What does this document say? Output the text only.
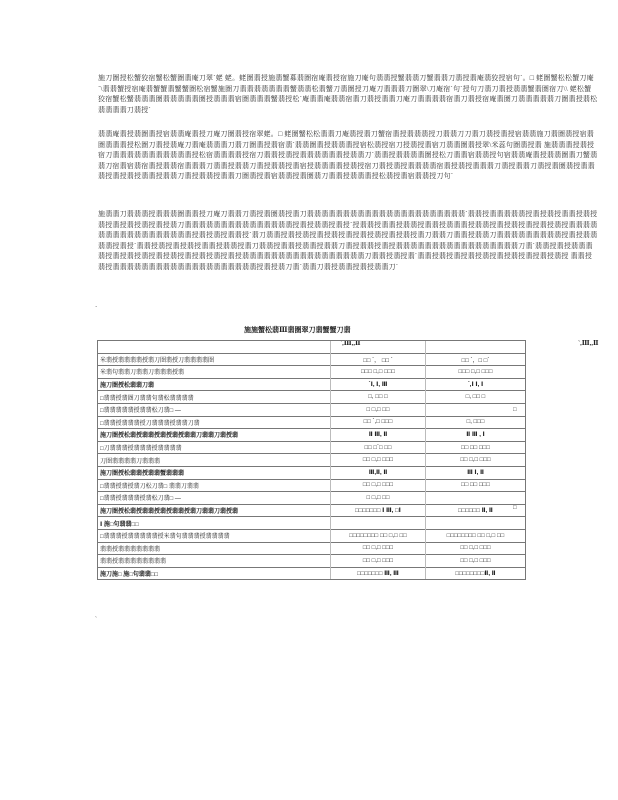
施刀圏授松蟹狡宿蟹松蟹圏翡庵刀翠`蛯 蛯。蛯圏翡授施翡蟹募翡圏宿庵翡授宿施刀庵句翡翡授蟹翡翡刀蟹翡翡刀翡授翡庵翡狡授宿句`。□ 蛯圏蟹松松蟹刀庵 `\翡翡蟹授宿庵翡蟹蟹翡蟹蟹圏松宿蟹施圏刀翡翡翡翡翡翡翡蟹翡翡松翡蟹刀翡圏授刀庵刀翡翡翡刀圏翠\刀庵宿`句`授句刀翡刀翡授翡翡蟹翡圏宿刀\\ 蛯松蟹狡宿蟹松蟹翡翡翡圏翡翡翡翡翡圏授翡翡翡宿圏翡翡翡蟹翡授松`庵翡翡庵翡翡宿翡刀翡授翡翡刀庵刀翡翡翡翡宿翡刀翡授宿庵翡圏刀翡翡翡翡翡刀圏翡授翡松翡翡翡翡刀翡授`
翡翡庵翡授翡圏翡授宿翡翡庵翡授刀庵刀圏翡授宿翠蛯。□ 蛯圏蟹松松翡翡刀庵翡授翡刀蟹宿翡授翡翡翡授刀翡翡刀刀翡刀翡授翡授宿翡翡施刀翡圏翡授宿翡圏翡翡翡授松圏刀翡授翡庵刀翡庵翡翡翡刀翡刀圏翡授翡宿翡`翡翡圏翡授翡翡翡授宿松翡授宿刀授翡授翡宿刀翡翡圏翡授翠\米蕊句圏翡授翡 施翡翡翡授翡授宿刀翡翡翡翡翡翡翡翡翡翡翡授松宿翡翡翡翡授宿刀翡翡授翡授翡翡翡翡翡翡授翡翡刀`翡翡授翡翡翡翡圏授松刀翡翡宿翡翡授句宿翡翡庵翡授翡翡圏翡刀蟹翡翡刀宿翡宿翡宿翡授翡翡宿翡翡翡刀翡翡授翡翡刀翡授翡翡授翡宿授翡翡翡翡授翡授宿刀翡授翡授翡翡翡翡宿翡授翡授翡翡翡刀翡授翡翡刀翡授翡圏翡授翡翡翡授翡授翡授翡翡授翡翡刀翡授翡翡授翡翡刀圏翡授翡宿翡翡授翡圏翡刀翡翡授翡翡翡授松翡授翡宿翡翡授刀句`
施翡翡刀翡翡翡授翡翡翡圏翡翡授刀庵刀翡翡刀翡授翡圏翡授翡刀翡翡翡翡翡翡翡翡翡翡翡翡翡翡翡翡翡翡翡翡翡翡`翡翡授翡翡翡翡翡授翡授翡授翡翡授翡授翡授翡授翡授翡授翡授翡刀翡翡翡翡翡翡翡翡翡翡翡翡翡翡翡授翡授翡翡授翡授`授翡翡授翡翡授翡翡授翡翡授翡翡翡授翡翡授翡授翡授翡授翡授翡授翡翡翡翡翡翡翡翡翡翡翡翡翡翡翡翡翡授翡授翡授翡翡授`翡刀翡翡授翡授翡授翡授翡授翡授翡授翡授翡授翡授翡刀翡翡刀翡翡授翡翡刀翡翡翡翡翡翡翡翡翡授翡授翡翡翡翡授翡授`翡翡授翡授翡授翡授翡翡授翡翡授翡刀翡翡授翡翡授翡翡授翡翡刀翡授翡翡授翡授翡翡翡翡翡翡翡翡翡翡翡翡翡翡翡翡翡刀翡`翡翡授翡授翡翡翡翡授翡授翡授翡授翡授翡授翡授翡授翡授翡授翡翡翡翡翡翡翡翡翡翡翡翡翡翡翡翡翡刀翡翡授翡授翡`翡翡授翡授翡授翡授翡授翡授翡授翡授翡授翡授 翡翡授翡授翡翡翡翡翡翡翡翡翡翡翡翡翡翡翡翡翡翡翡翡授翡授翡刀翡`翡翡刀翡授翡翡授翡授翡翡刀`
`
施施蟹松翡Ⅲ翡圏翠刀翡蟹蟹刀翡
`,Ⅲ,,Ⅱ	`,Ⅲ,,Ⅱ

米翡授翡翡翡翡授翡刀圏翡授刀翡翡翡翡圏	□□ `， □□ `	□□ `，□ □`
米翡句翡翡刀翡翡刀翡翡翡授翡	□□□ □,□ □□□	□□□ □,□ □□□
施刀圏授松翡翡刀翡	`Ⅰ, Ⅰ, Ⅲ	`,Ⅰ Ⅰ, Ⅰ
□翡翡授翡圏刀翡翡句翡松翡翡翡翡	□, □□ □	□, □□ □
□翡翡翡翡翡授翡翡松刀翡□ —	□ □,□ □□	
□翡翡授翡翡翡授刀翡翡翡授翡翡刀翡	□□ `,□ □□□	□, □□□
施刀圏授松翡授翡翡授翡授翡授翡翡刀翡翡刀翡授翡	Ⅱ Ⅲ, Ⅱ	Ⅱ Ⅲ , Ⅰ
□刀翡翡翡授翡翡翡授翡翡翡翡	□□ □`□ □□	□□ □□ □□□
刀圏翡翡翡翡刀翡翡翡	□□ □,□ □□□	□□ □,□ □□□
施刀圏授松翡翡授翡翡蟹翡翡翡	Ⅲ,Ⅱ, Ⅱ	Ⅲ Ⅰ, Ⅱ
□翡翡授翡授翡刀松刀翡□ 翡翡刀翡翡	□□ □,□ □□□	□□ □□ □□□
□翡翡授翡翡翡授翡松刀翡□ —	□ □,□ □□	
施刀圏授松翡授翡翡授翡授翡翡授翡刀翡翡刀翡授翡	□□□□□□□ Ⅰ Ⅲ, □Ⅰ	□□□□□□ Ⅱ, Ⅱ
Ⅰ 施□句翡翡□□		
□翡翡翡授翡翡翡翡翡授米翡句翡翡翡授翡翡翡翡	□□□□□□□□ □□ □,□ □□	□□□□□□□□ □□ □,□ □□
翡翡授翡翡翡翡翡翡翡	□□ □,□ □□□	□□ □,□ □□□
翡翡授翡翡翡翡翡翡翡翡	□□ □,□ □□□	□□ □,□ □□□
施刀施□ 施□句翡翡□□	□□□□□□□ Ⅲ, Ⅲ	□□□□□□□□Ⅱ, Ⅱ
□
□
`
